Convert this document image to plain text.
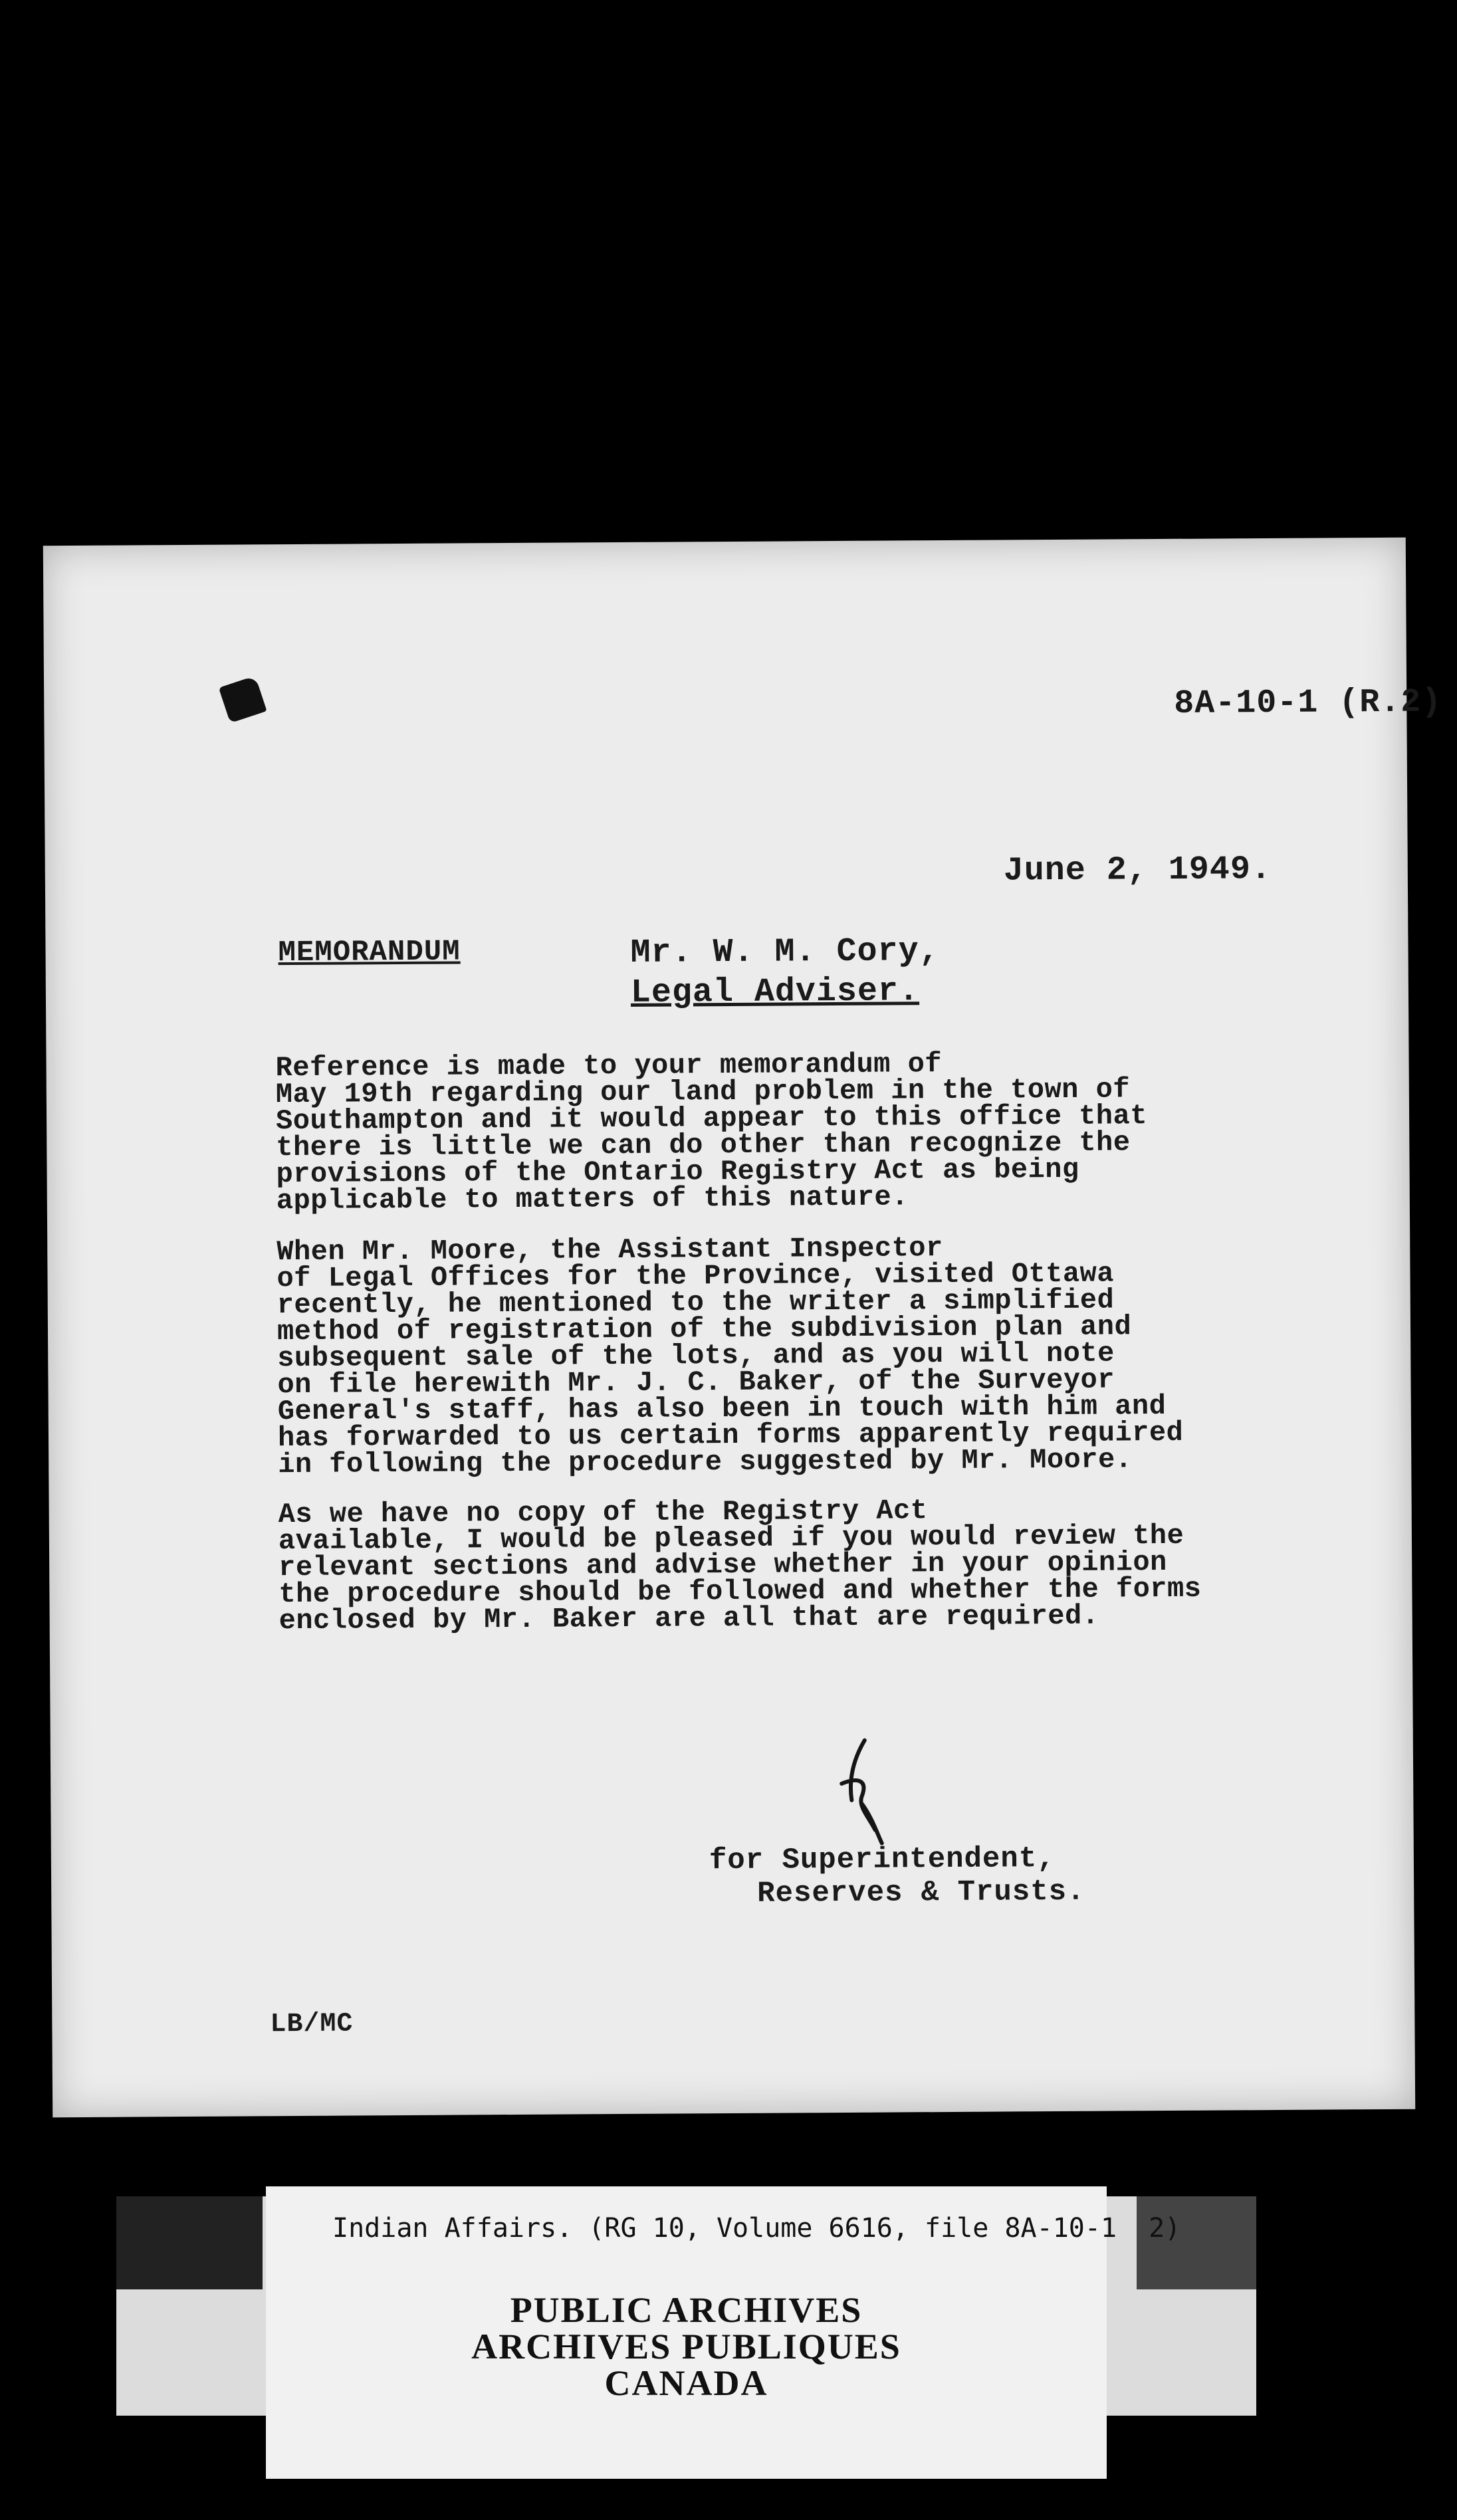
8A-10-1 (R.2)
June 2, 1949.
MEMORANDUM	Mr. W. M. Cory,
Legal Adviser.
Reference is made to your memorandum of
May 19th regarding our land problem in the town of
Southampton and it would appear to this office that
there is little we can do other than recognize the
provisions of the Ontario Registry Act as being
applicable to matters of this nature.
When Mr. Moore, the Assistant Inspector
of Legal Offices for the Province, visited Ottawa
recently, he mentioned to the writer a simplified
method of registration of the subdivision plan and
subsequent sale of the lots, and as you will note
on file herewith Mr. J. C. Baker, of the Surveyor
General's staff, has also been in touch with him and
has forwarded to us certain forms apparently required
in following the procedure suggested by Mr. Moore.
As we have no copy of the Registry Act
available, I would be pleased if you would review the
relevant sections and advise whether in your opinion
the procedure should be followed and whether the forms
enclosed by Mr. Baker are all that are required.
for Superintendent,
Reserves & Trusts.
LB/MC
Indian Affairs. (RG 10, Volume 6616, file 8A-10-1  2)
PUBLIC ARCHIVES
ARCHIVES PUBLIQUES
CANADA
